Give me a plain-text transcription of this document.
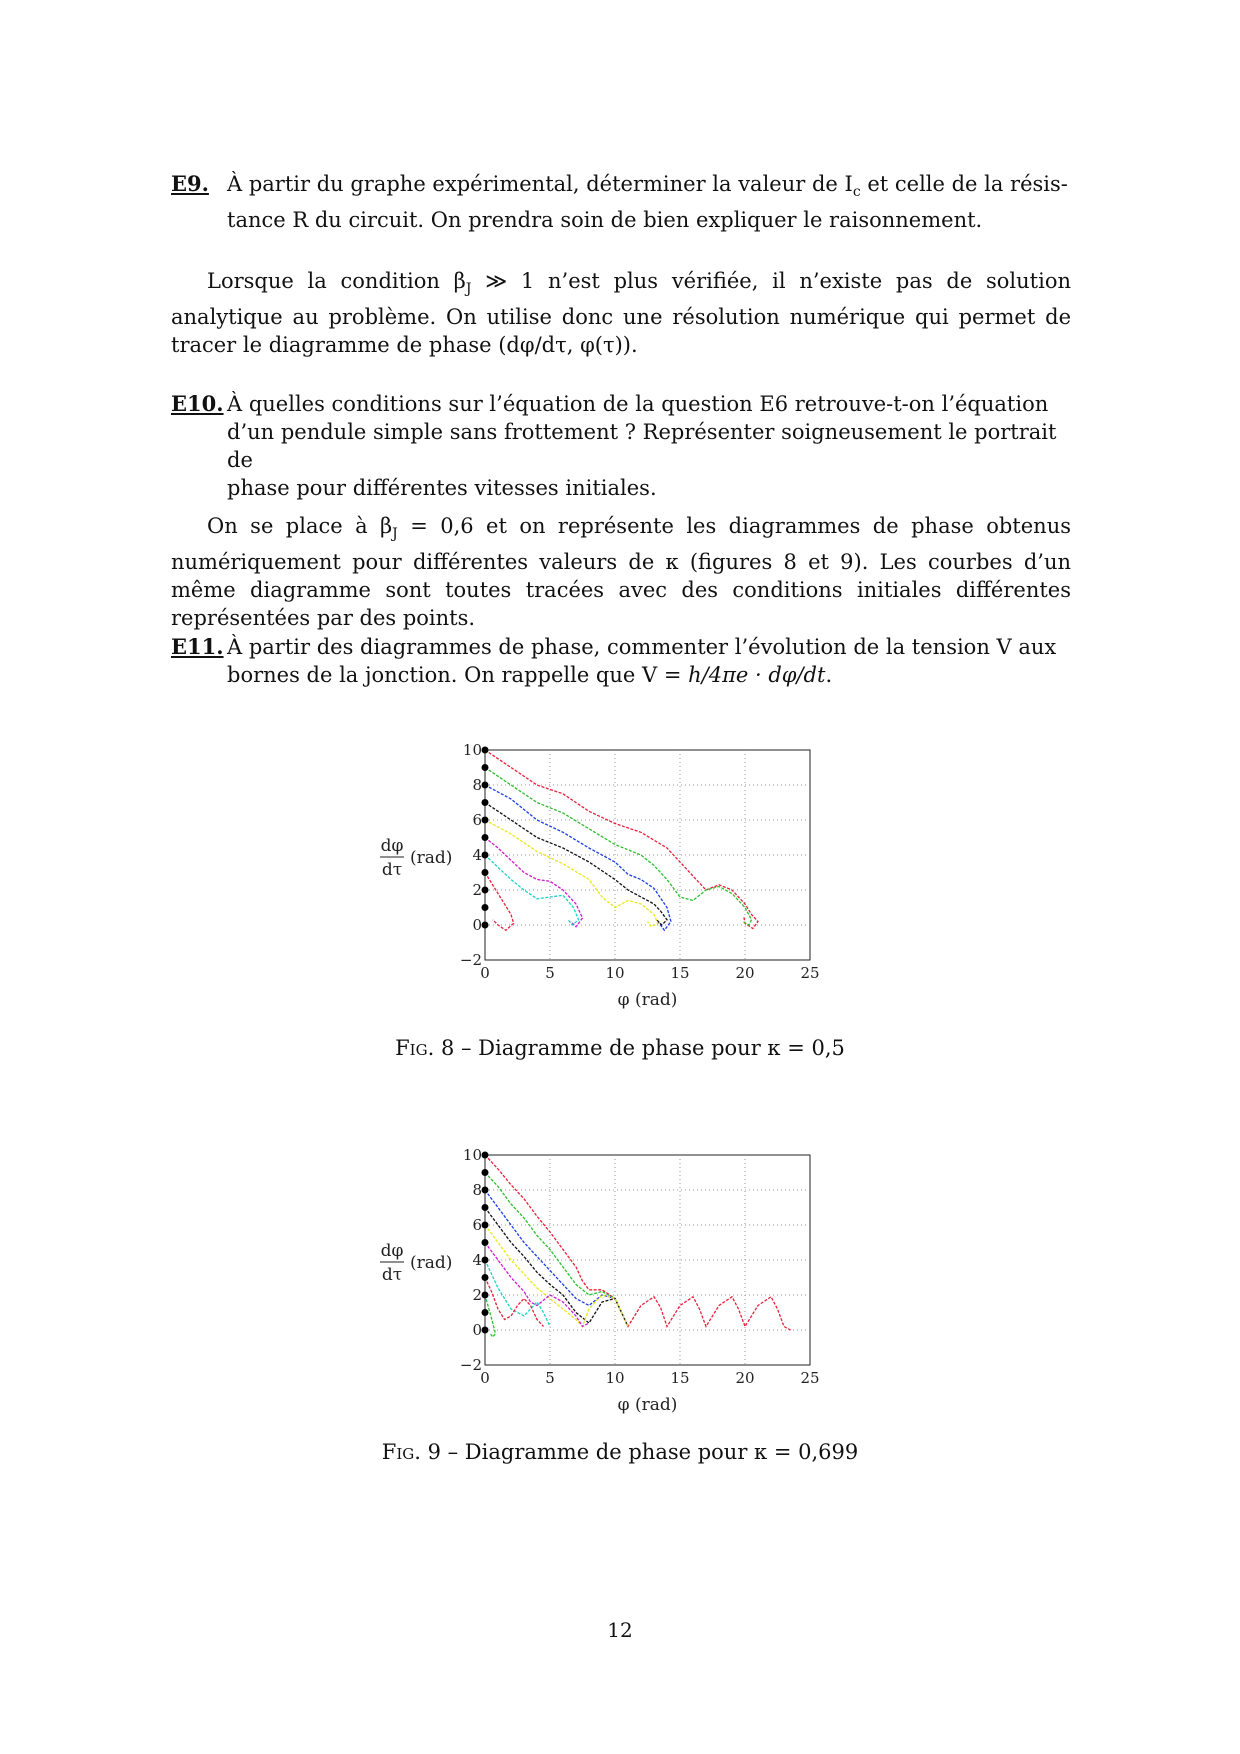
E9. À partir du graphe expérimental, déterminer la valeur de $I_c$ et celle de la résis-
tance R du circuit. On prendra soin de bien expliquer le raisonnement.
Lorsque la condition $\beta_J$ ≫ 1 n’est plus vérifiée, il n’existe pas de solution analytique au problème. On utilise donc une résolution numérique qui permet de tracer le diagramme de phase (dφ/dτ, φ(τ)).
E10. À quelles conditions sur l’équation de la question E6 retrouve-t-on l’équation
d’un pendule simple sans frottement ? Représenter soigneusement le portrait de
phase pour différentes vitesses initiales.
On se place à $\beta_J = 0,6$ et on représente les diagrammes de phase obtenus numériquement pour différentes valeurs de κ (figures 8 et 9). Les courbes d’un même diagramme sont toutes tracées avec des conditions initiales différentes représentées par des points.
E11. À partir des diagrammes de phase, commenter l’évolution de la tension V aux
bornes de la jonction. On rappelle que V = h/4πe · dφ/dt.
0	5	10	15	20	25
−2
0
2
4
6
8
10
φ (rad)
dφ
dτ
(rad)
Fig. 8 – Diagramme de phase pour κ = 0,5
0	5	10	15	20	25
−2
0
2
4
6
8
10
φ (rad)
dφ
dτ
(rad)
Fig. 9 – Diagramme de phase pour κ = 0,699
12
